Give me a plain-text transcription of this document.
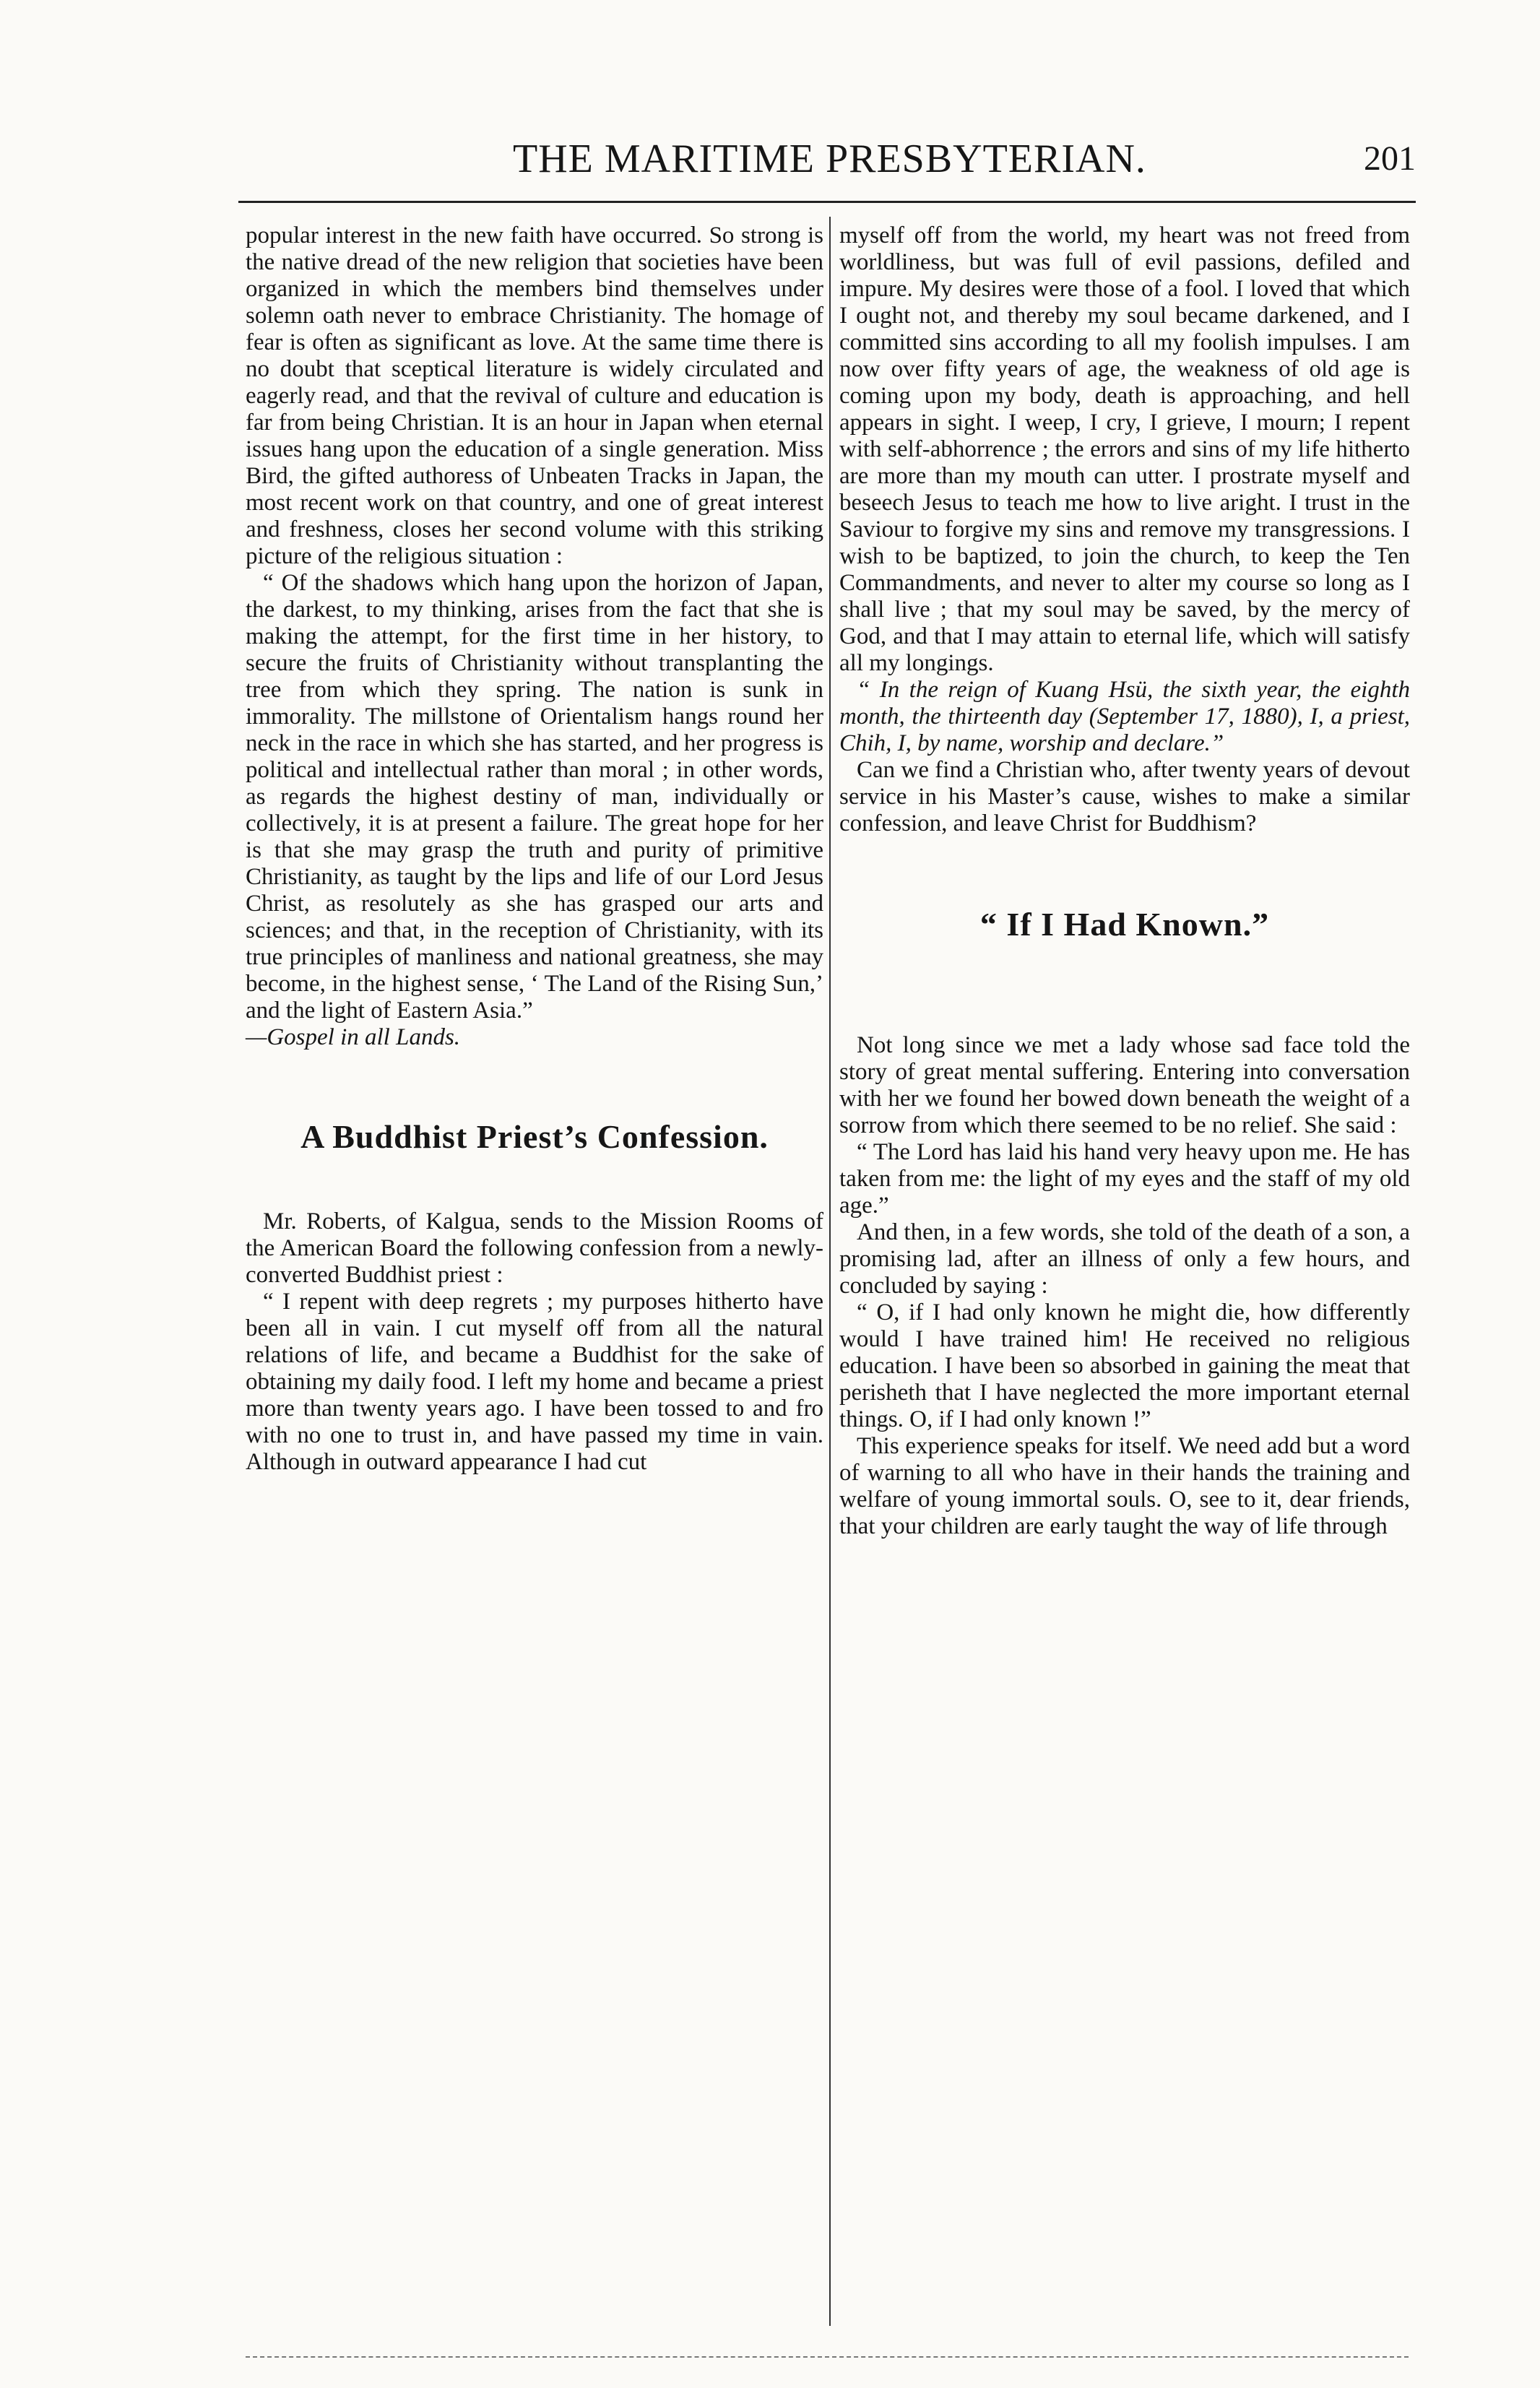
THE MARITIME PRESBYTERIAN.	201

popular interest in the new faith have occurred. So strong is the native dread of the new religion that societies have been organized in which the members bind themselves under solemn oath never to embrace Christianity. The homage of fear is often as significant as love. At the same time there is no doubt that sceptical literature is widely circulated and eagerly read, and that the revival of culture and education is far from being Christian. It is an hour in Japan when eternal issues hang upon the education of a single generation. Miss Bird, the gifted authoress of Unbeaten Tracks in Japan, the most recent work on that country, and one of great interest and freshness, closes her second volume with this striking picture of the religious situation :

“ Of the shadows which hang upon the horizon of Japan, the darkest, to my thinking, arises from the fact that she is making the attempt, for the first time in her history, to secure the fruits of Christianity without transplanting the tree from which they spring. The nation is sunk in immorality. The millstone of Orientalism hangs round her neck in the race in which she has started, and her progress is political and intellectual rather than moral ; in other words, as regards the highest destiny of man, individually or collectively, it is at present a failure. The great hope for her is that she may grasp the truth and purity of primitive Christianity, as taught by the lips and life of our Lord Jesus Christ, as resolutely as she has grasped our arts and sciences; and that, in the reception of Christianity, with its true principles of manliness and national greatness, she may become, in the highest sense, ‘ The Land of the Rising Sun,’ and the light of Eastern Asia.”

—Gospel in all Lands.

A Buddhist Priest’s Confession.

Mr. Roberts, of Kalgua, sends to the Mission Rooms of the American Board the following confession from a newly-converted Buddhist priest :

“ I repent with deep regrets ; my purposes hitherto have been all in vain. I cut myself off from all the natural relations of life, and became a Buddhist for the sake of obtaining my daily food. I left my home and became a priest more than twenty years ago. I have been tossed to and fro with no one to trust in, and have passed my time in vain. Although in outward appearance I had cut

myself off from the world, my heart was not freed from worldliness, but was full of evil passions, defiled and impure. My desires were those of a fool. I loved that which I ought not, and thereby my soul became darkened, and I committed sins according to all my foolish impulses. I am now over fifty years of age, the weakness of old age is coming upon my body, death is approaching, and hell appears in sight. I weep, I cry, I grieve, I mourn; I repent with self-abhorrence ; the errors and sins of my life hitherto are more than my mouth can utter. I prostrate myself and beseech Jesus to teach me how to live aright. I trust in the Saviour to forgive my sins and remove my transgressions. I wish to be baptized, to join the church, to keep the Ten Commandments, and never to alter my course so long as I shall live ; that my soul may be saved, by the mercy of God, and that I may attain to eternal life, which will satisfy all my longings.

“ In the reign of Kuang Hsü, the sixth year, the eighth month, the thirteenth day (September 17, 1880), I, a priest, Chih, I, by name, worship and declare.”

Can we find a Christian who, after twenty years of devout service in his Master’s cause, wishes to make a similar confession, and leave Christ for Buddhism?

“ If I Had Known.”

Not long since we met a lady whose sad face told the story of great mental suffering. Entering into conversation with her we found her bowed down beneath the weight of a sorrow from which there seemed to be no relief. She said :

“ The Lord has laid his hand very heavy upon me. He has taken from me: the light of my eyes and the staff of my old age.”

And then, in a few words, she told of the death of a son, a promising lad, after an illness of only a few hours, and concluded by saying :

“ O, if I had only known he might die, how differently would I have trained him! He received no religious education. I have been so absorbed in gaining the meat that perisheth that I have neglected the more important eternal things. O, if I had only known !”

This experience speaks for itself. We need add but a word of warning to all who have in their hands the training and welfare of young immortal souls. O, see to it, dear friends, that your children are early taught the way of life through
